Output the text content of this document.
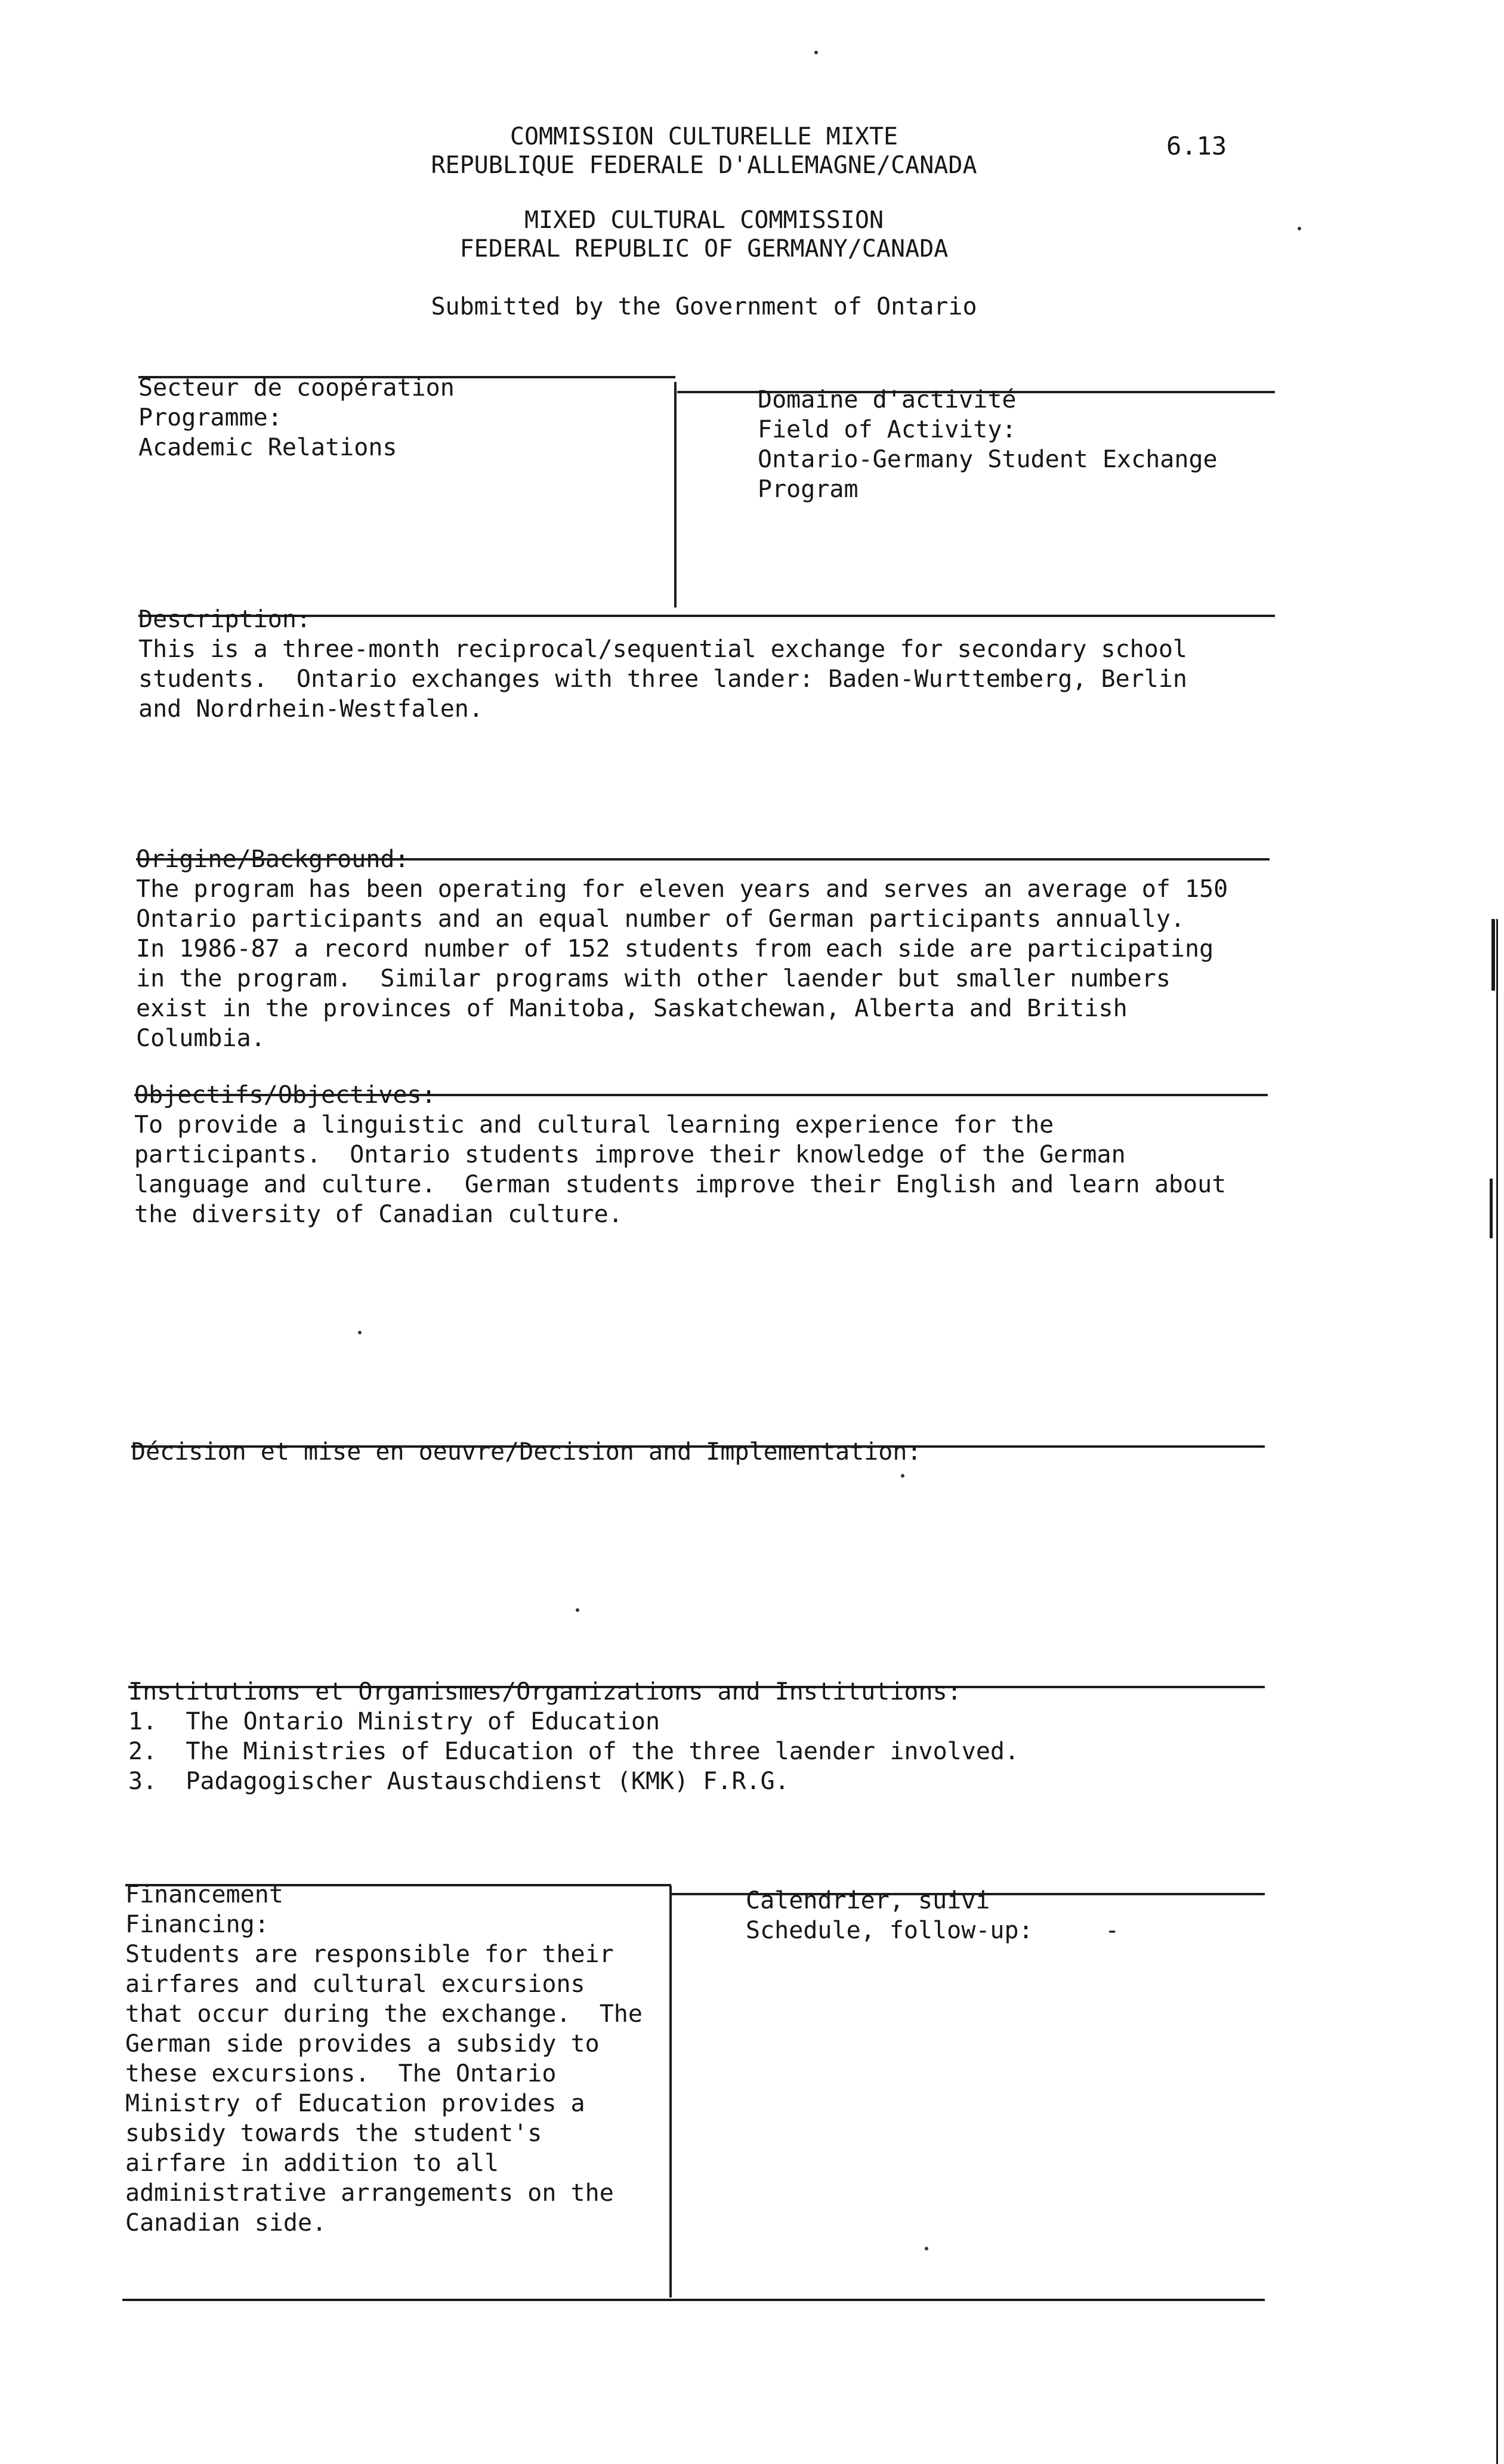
COMMISSION CULTURELLE MIXTE
REPUBLIQUE FEDERALE D'ALLEMAGNE/CANADA
MIXED CULTURAL COMMISSION
FEDERAL REPUBLIC OF GERMANY/CANADA
Submitted by the Government of Ontario
6.13
Secteur de coopération
Programme:
Academic Relations
Domaine d'activité
Field of Activity:
Ontario-Germany Student Exchange
Program
Description:
This is a three-month reciprocal/sequential exchange for secondary school
students.  Ontario exchanges with three lander: Baden-Wurttemberg, Berlin
and Nordrhein-Westfalen.
Origine/Background:
The program has been operating for eleven years and serves an average of 150
Ontario participants and an equal number of German participants annually.
In 1986-87 a record number of 152 students from each side are participating
in the program.  Similar programs with other laender but smaller numbers
exist in the provinces of Manitoba, Saskatchewan, Alberta and British
Columbia.
Objectifs/Objectives:
To provide a linguistic and cultural learning experience for the
participants.  Ontario students improve their knowledge of the German
language and culture.  German students improve their English and learn about
the diversity of Canadian culture.
Décision et mise en oeuvre/Decision and Implementation:
Institutions et Organismes/Organizations and Institutions:
1.  The Ontario Ministry of Education
2.  The Ministries of Education of the three laender involved.
3.  Padagogischer Austauschdienst (KMK) F.R.G.
Financement
Financing:
Students are responsible for their
airfares and cultural excursions
that occur during the exchange.  The
German side provides a subsidy to
these excursions.  The Ontario
Ministry of Education provides a
subsidy towards the student's
airfare in addition to all
administrative arrangements on the
Canadian side.
Calendrier, suivi
Schedule, follow-up:	-
